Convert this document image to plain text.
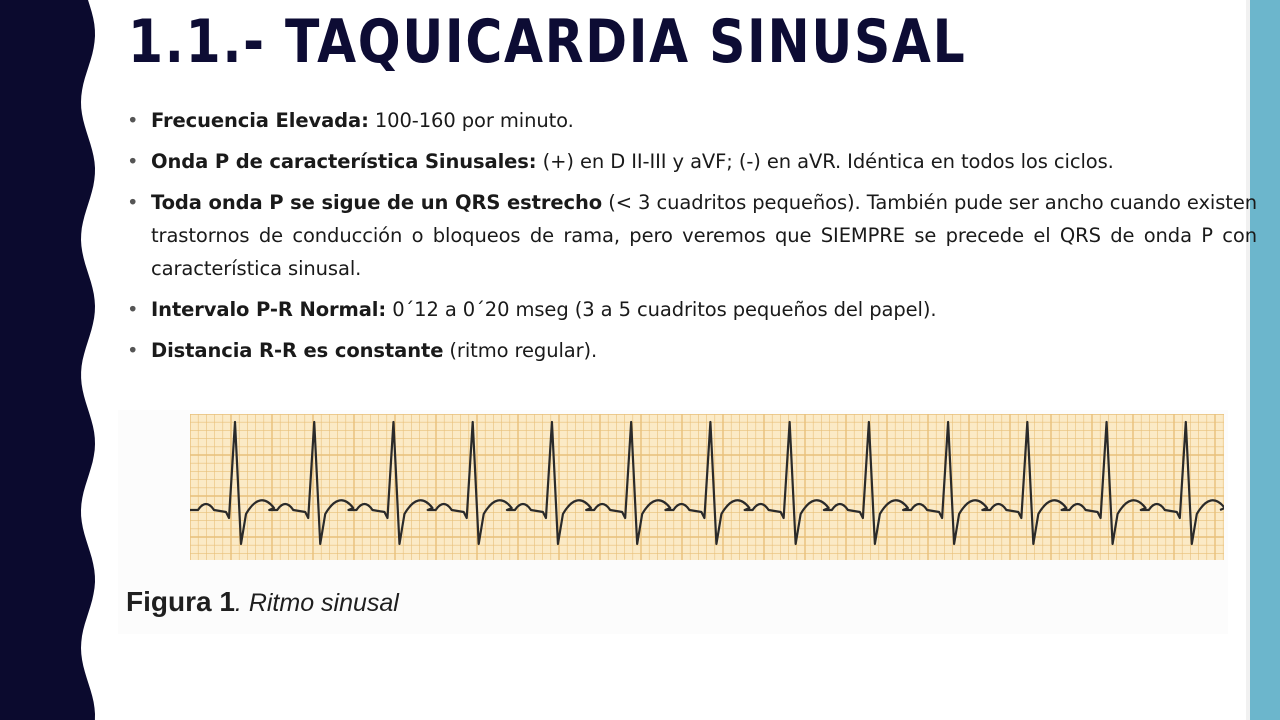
1.1.- TAQUICARDIA SINUSAL
• Frecuencia Elevada: 100-160 por minuto.
• Onda P de característica Sinusales: (+) en D II-III y aVF; (-) en aVR. Idéntica en todos los ciclos.
• Toda onda P se sigue de un QRS estrecho (< 3 cuadritos pequeños). También pude ser ancho cuando existen trastornos de conducción o bloqueos de rama, pero veremos que SIEMPRE se precede el QRS de onda P con característica sinusal.
• Intervalo P-R Normal: 0´12 a 0´20 mseg (3 a 5 cuadritos pequeños del papel).
• Distancia R-R es constante (ritmo regular).
Figura 1. Ritmo sinusal
